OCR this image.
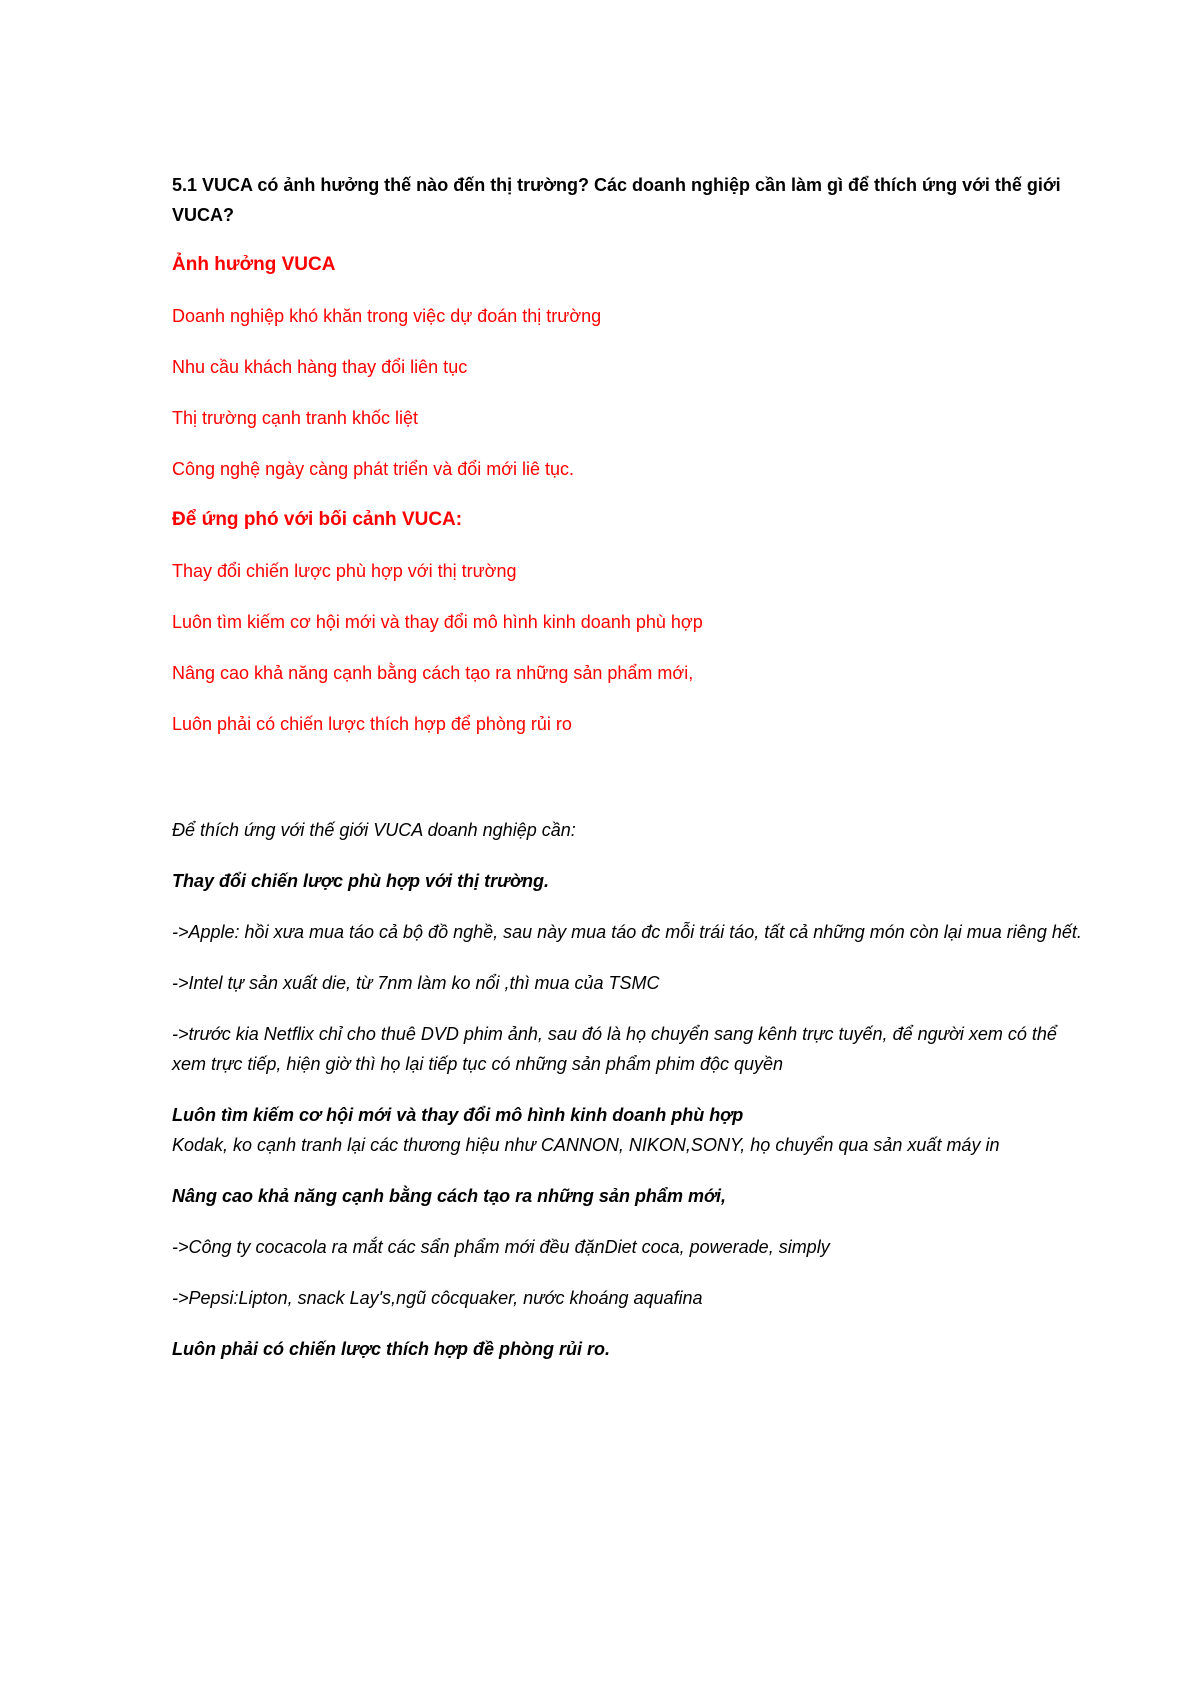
5.1 VUCA có ảnh hưởng thế nào đến thị trường? Các doanh nghiệp cần làm gì để thích ứng với thế giới VUCA?

Ảnh hưởng VUCA

Doanh nghiệp khó khăn trong việc dự đoán thị trường

Nhu cầu khách hàng thay đổi liên tục

Thị trường cạnh tranh khốc liệt

Công nghệ ngày càng phát triển và đổi mới liê tục.

Để ứng phó với bối cảnh VUCA:

Thay đổi chiến lược phù hợp với thị trường

Luôn tìm kiếm cơ hội mới và thay đổi mô hình kinh doanh phù hợp

Nâng cao khả năng cạnh bằng cách tạo ra những sản phẩm mới,

Luôn phải có chiến lược thích hợp để phòng rủi ro

Để thích ứng với thế giới VUCA doanh nghiệp cần:

Thay đổi chiến lược phù hợp với thị trường.

->Apple: hồi xưa mua táo cả bộ đồ nghề, sau này mua táo đc mỗi trái táo, tất cả những món còn lại mua riêng hết.

->Intel tự sản xuất die, từ 7nm làm ko nổi ,thì mua của TSMC

->trước kia Netflix chỉ cho thuê DVD phim ảnh, sau đó là họ chuyển sang kênh trực tuyến, để người xem có thể xem trực tiếp, hiện giờ thì họ lại tiếp tục có những sản phẩm phim độc quyền

Luôn tìm kiếm cơ hội mới và thay đổi mô hình kinh doanh phù hợp

Kodak, ko cạnh tranh lại các thương hiệu như CANNON, NIKON,SONY, họ chuyển qua sản xuất máy in

Nâng cao khả năng cạnh bằng cách tạo ra những sản phẩm mới,

->Công ty cocacola ra mắt các sẩn phẩm mới đều đặnDiet coca, powerade, simply

->Pepsi:Lipton, snack Lay's,ngũ côcquaker, nước khoáng aquafina

Luôn phải có chiến lược thích hợp đề phòng rủi ro.
